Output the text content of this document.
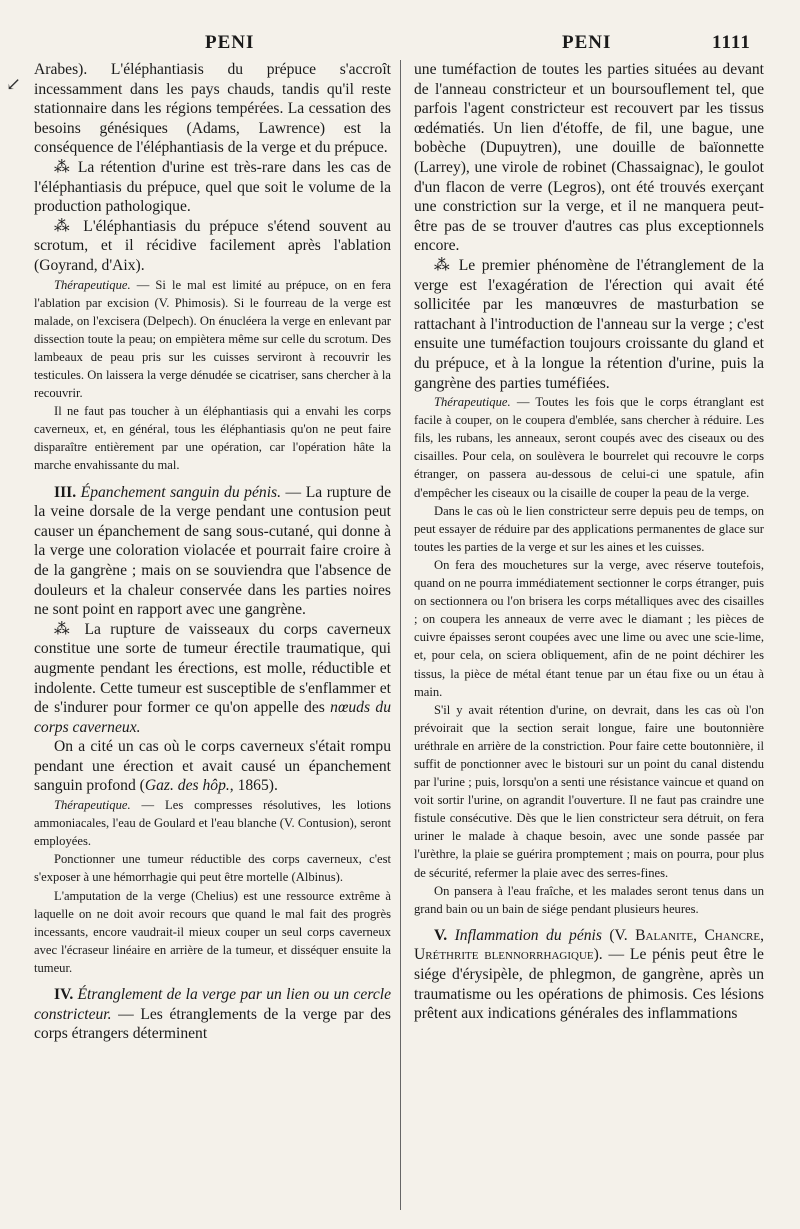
PENI	PENI	1111
↙

Arabes). L'éléphantiasis du prépuce s'accroît incessamment dans les pays chauds, tandis qu'il reste stationnaire dans les régions tempérées. La cessation des besoins génésiques (Adams, Lawrence) est la conséquence de l'éléphantiasis de la verge et du prépuce.

⁂ La rétention d'urine est très-rare dans les cas de l'éléphantiasis du prépuce, quel que soit le volume de la production pathologique.

⁂ L'éléphantiasis du prépuce s'étend souvent au scrotum, et il récidive facilement après l'ablation (Goyrand, d'Aix).

Thérapeutique. — Si le mal est limité au prépuce, on en fera l'ablation par excision (V. Phimosis). Si le fourreau de la verge est malade, on l'excisera (Delpech). On énucléera la verge en enlevant par dissection toute la peau; on empiètera même sur celle du scrotum. Des lambeaux de peau pris sur les cuisses serviront à recouvrir les testicules. On laissera la verge dénudée se cicatriser, sans chercher à la recouvrir.

Il ne faut pas toucher à un éléphantiasis qui a envahi les corps caverneux, et, en général, tous les éléphantiasis qu'on ne peut faire disparaître entièrement par une opération, car l'opération hâte la marche envahissante du mal.

III. Épanchement sanguin du pénis. — La rupture de la veine dorsale de la verge pendant une contusion peut causer un épanchement de sang sous-cutané, qui donne à la verge une coloration violacée et pourrait faire croire à de la gangrène ; mais on se souviendra que l'absence de douleurs et la chaleur conservée dans les parties noires ne sont point en rapport avec une gangrène.

⁂ La rupture de vaisseaux du corps caverneux constitue une sorte de tumeur érectile traumatique, qui augmente pendant les érections, est molle, réductible et indolente. Cette tumeur est susceptible de s'enflammer et de s'indurer pour former ce qu'on appelle des nœuds du corps caverneux.

On a cité un cas où le corps caverneux s'était rompu pendant une érection et avait causé un épanchement sanguin profond (Gaz. des hôp., 1865).

Thérapeutique. — Les compresses résolutives, les lotions ammoniacales, l'eau de Goulard et l'eau blanche (V. Contusion), seront employées.

Ponctionner une tumeur réductible des corps caverneux, c'est s'exposer à une hémorrhagie qui peut être mortelle (Albinus).

L'amputation de la verge (Chelius) est une ressource extrême à laquelle on ne doit avoir recours que quand le mal fait des progrès incessants, encore vaudrait-il mieux couper un seul corps caverneux avec l'écraseur linéaire en arrière de la tumeur, et disséquer ensuite la tumeur.

IV. Étranglement de la verge par un lien ou un cercle constricteur. — Les étranglements de la verge par des corps étrangers déterminent

une tuméfaction de toutes les parties situées au devant de l'anneau constricteur et un boursouflement tel, que parfois l'agent constricteur est recouvert par les tissus œdématiés. Un lien d'étoffe, de fil, une bague, une bobèche (Dupuytren), une douille de baïonnette (Larrey), une virole de robinet (Chassaignac), le goulot d'un flacon de verre (Legros), ont été trouvés exerçant une constriction sur la verge, et il ne manquera peut-être pas de se trouver d'autres cas plus exceptionnels encore.

⁂ Le premier phénomène de l'étranglement de la verge est l'exagération de l'érection qui avait été sollicitée par les manœuvres de masturbation se rattachant à l'introduction de l'anneau sur la verge ; c'est ensuite une tuméfaction toujours croissante du gland et du prépuce, et à la longue la rétention d'urine, puis la gangrène des parties tuméfiées.

Thérapeutique. — Toutes les fois que le corps étranglant est facile à couper, on le coupera d'emblée, sans chercher à réduire. Les fils, les rubans, les anneaux, seront coupés avec des ciseaux ou des cisailles. Pour cela, on soulèvera le bourrelet qui recouvre le corps étranger, on passera au-dessous de celui-ci une spatule, afin d'empêcher les ciseaux ou la cisaille de couper la peau de la verge.

Dans le cas où le lien constricteur serre depuis peu de temps, on peut essayer de réduire par des applications permanentes de glace sur toutes les parties de la verge et sur les aines et les cuisses.

On fera des mouchetures sur la verge, avec réserve toutefois, quand on ne pourra immédiatement sectionner le corps étranger, puis on sectionnera ou l'on brisera les corps métalliques avec des cisailles ; on coupera les anneaux de verre avec le diamant ; les pièces de cuivre épaisses seront coupées avec une lime ou avec une scie-lime, et, pour cela, on sciera obliquement, afin de ne point déchirer les tissus, la pièce de métal étant tenue par un étau fixe ou un étau à main.

S'il y avait rétention d'urine, on devrait, dans les cas où l'on prévoirait que la section serait longue, faire une boutonnière uréthrale en arrière de la constriction. Pour faire cette boutonnière, il suffit de ponctionner avec le bistouri sur un point du canal distendu par l'urine ; puis, lorsqu'on a senti une résistance vaincue et quand on voit sortir l'urine, on agrandit l'ouverture. Il ne faut pas craindre une fistule consécutive. Dès que le lien constricteur sera détruit, on fera uriner le malade à chaque besoin, avec une sonde passée par l'urèthre, la plaie se guérira promptement ; mais on pourra, pour plus de sécurité, refermer la plaie avec des serres-fines.

On pansera à l'eau fraîche, et les malades seront tenus dans un grand bain ou un bain de siége pendant plusieurs heures.

V. Inflammation du pénis (V. Balanite, Chancre, Uréthrite blennorrhagique). — Le pénis peut être le siége d'érysipèle, de phlegmon, de gangrène, après un traumatisme ou les opérations de phimosis. Ces lésions prêtent aux indications générales des inflammations
